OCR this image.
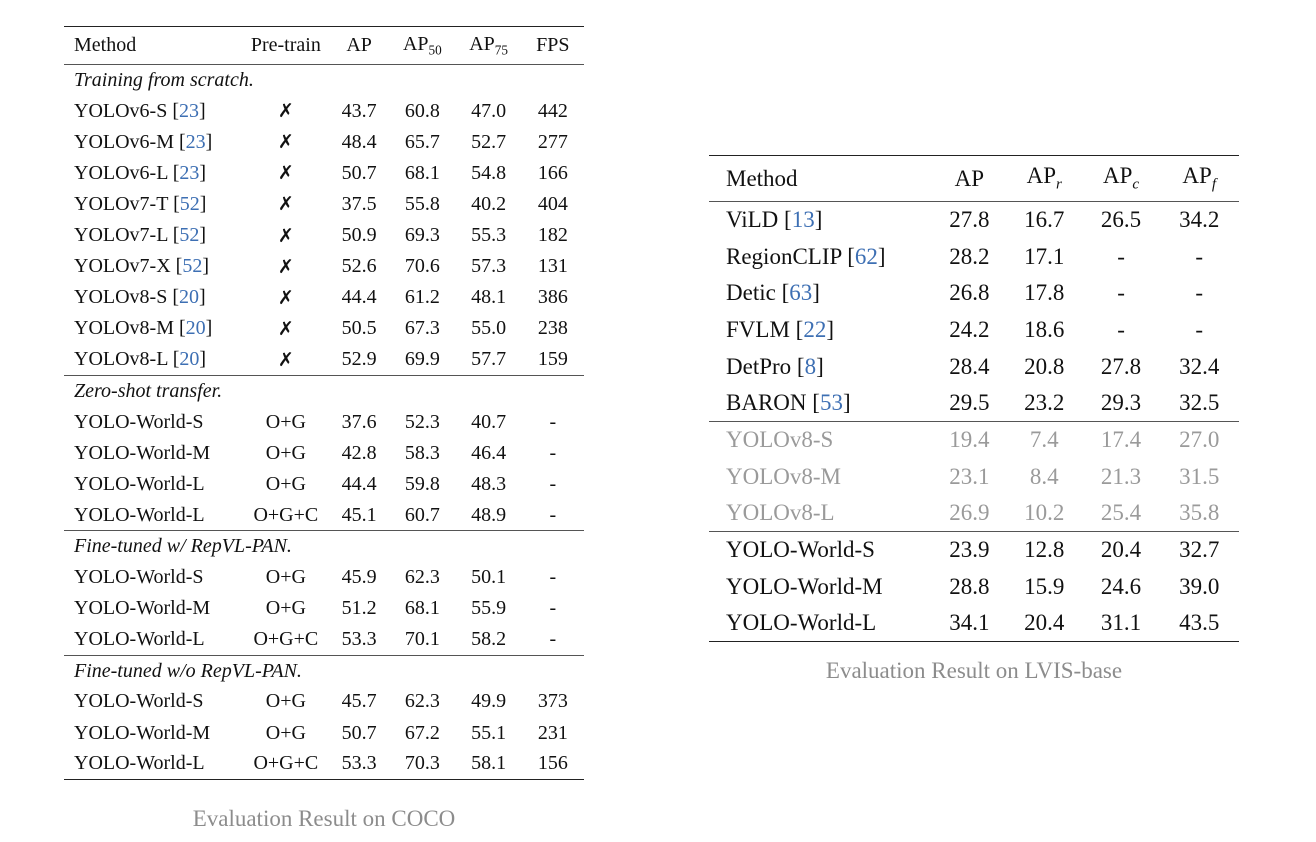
Method	Pre-train	AP	$AP_{50}$	$AP_{75}$	FPS
Training from scratch.					
YOLOv6-S [23]	✗	43.7	60.8	47.0	442
YOLOv6-M [23]	✗	48.4	65.7	52.7	277
YOLOv6-L [23]	✗	50.7	68.1	54.8	166
YOLOv7-T [52]	✗	37.5	55.8	40.2	404
YOLOv7-L [52]	✗	50.9	69.3	55.3	182
YOLOv7-X [52]	✗	52.6	70.6	57.3	131
YOLOv8-S [20]	✗	44.4	61.2	48.1	386
YOLOv8-M [20]	✗	50.5	67.3	55.0	238
YOLOv8-L [20]	✗	52.9	69.9	57.7	159
Zero-shot transfer.					
YOLO-World-S	O+G	37.6	52.3	40.7	-
YOLO-World-M	O+G	42.8	58.3	46.4	-
YOLO-World-L	O+G	44.4	59.8	48.3	-
YOLO-World-L	O+G+C	45.1	60.7	48.9	-
Fine-tuned w/ RepVL-PAN.					
YOLO-World-S	O+G	45.9	62.3	50.1	-
YOLO-World-M	O+G	51.2	68.1	55.9	-
YOLO-World-L	O+G+C	53.3	70.1	58.2	-
Fine-tuned w/o RepVL-PAN.					
YOLO-World-S	O+G	45.7	62.3	49.9	373
YOLO-World-M	O+G	50.7	67.2	55.1	231
YOLO-World-L	O+G+C	53.3	70.3	58.1	156
Evaluation Result on COCO
Method	AP	$AP_r$	$AP_c$	$AP_f$
ViLD [13]	27.8	16.7	26.5	34.2
RegionCLIP [62]	28.2	17.1	-	-
Detic [63]	26.8	17.8	-	-
FVLM [22]	24.2	18.6	-	-
DetPro [8]	28.4	20.8	27.8	32.4
BARON [53]	29.5	23.2	29.3	32.5
YOLOv8-S	19.4	7.4	17.4	27.0
YOLOv8-M	23.1	8.4	21.3	31.5
YOLOv8-L	26.9	10.2	25.4	35.8
YOLO-World-S	23.9	12.8	20.4	32.7
YOLO-World-M	28.8	15.9	24.6	39.0
YOLO-World-L	34.1	20.4	31.1	43.5
Evaluation Result on LVIS-base
